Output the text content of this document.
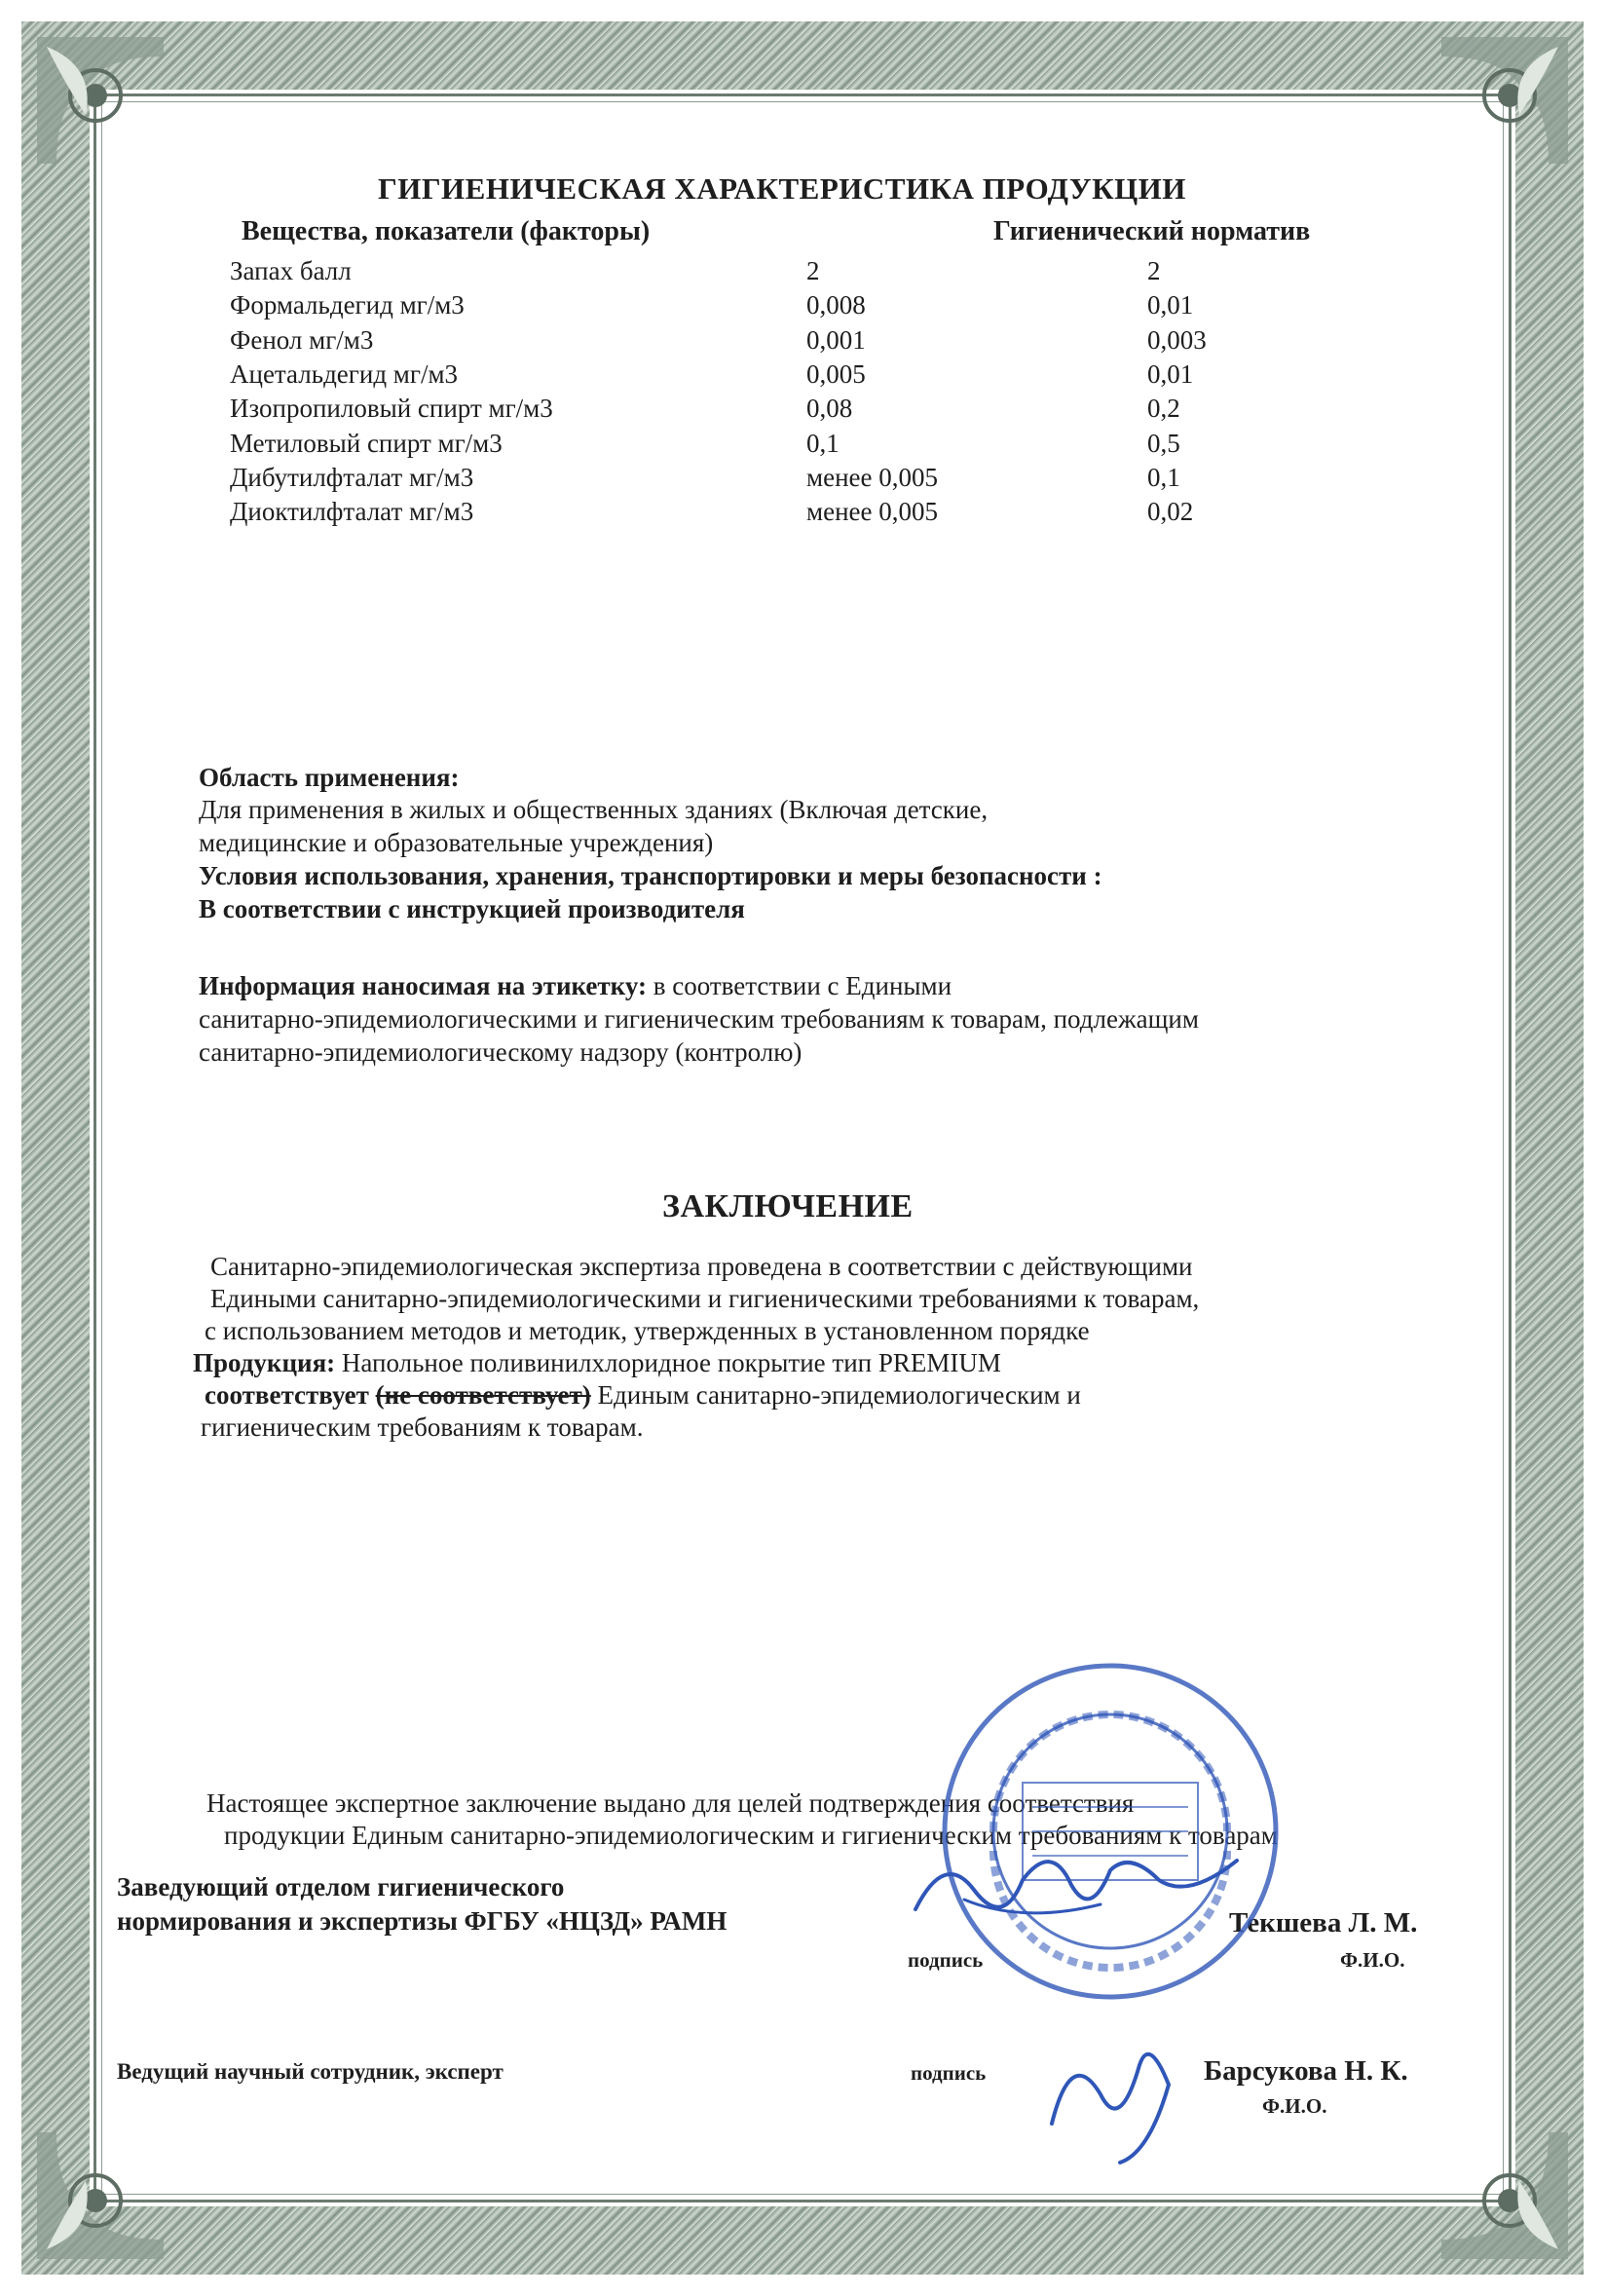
ГИГИЕНИЧЕСКАЯ ХАРАКТЕРИСТИКА ПРОДУКЦИИ
Вещества, показатели (факторы)	Гигиенический норматив
Запах балл	2	2
Формальдегид мг/м3	0,008	0,01
Фенол мг/м3	0,001	0,003
Ацетальдегид мг/м3	0,005	0,01
Изопропиловый спирт мг/м3	0,08	0,2
Метиловый спирт мг/м3	0,1	0,5
Дибутилфталат мг/м3	менее 0,005	0,1
Диоктилфталат мг/м3	менее 0,005	0,02
Область применения:
Для применения в жилых и общественных зданиях (Включая детские,
медицинские и образовательные учреждения)
Условия использования, хранения, транспортировки и меры безопасности :
В соответствии с инструкцией производителя
Информация наносимая на этикетку: в соответствии с Едиными
санитарно-эпидемиологическими и гигиеническим требованиям к товарам, подлежащим
санитарно-эпидемиологическому надзору (контролю)
ЗАКЛЮЧЕНИЕ
Санитарно-эпидемиологическая экспертиза проведена в соответствии с действующими
Едиными санитарно-эпидемиологическими и гигиеническими требованиями к товарам,
с использованием методов и методик, утвержденных в установленном порядке
Продукция: Напольное поливинилхлоридное покрытие тип PREMIUM
соответствует (не соответствует) Единым санитарно-эпидемиологическим и
гигиеническим требованиям к товарам.
Настоящее экспертное заключение выдано для целей подтверждения соответствия
продукции Единым санитарно-эпидемиологическим и гигиеническим требованиям к товарам
Заведующий отделом гигиенического
нормирования и экспертизы ФГБУ «НЦЗД» РАМН
подпись
Текшева Л. М.
Ф.И.О.
Ведущий научный сотрудник, эксперт	подпись	Барсукова Н. К.
Ф.И.О.
